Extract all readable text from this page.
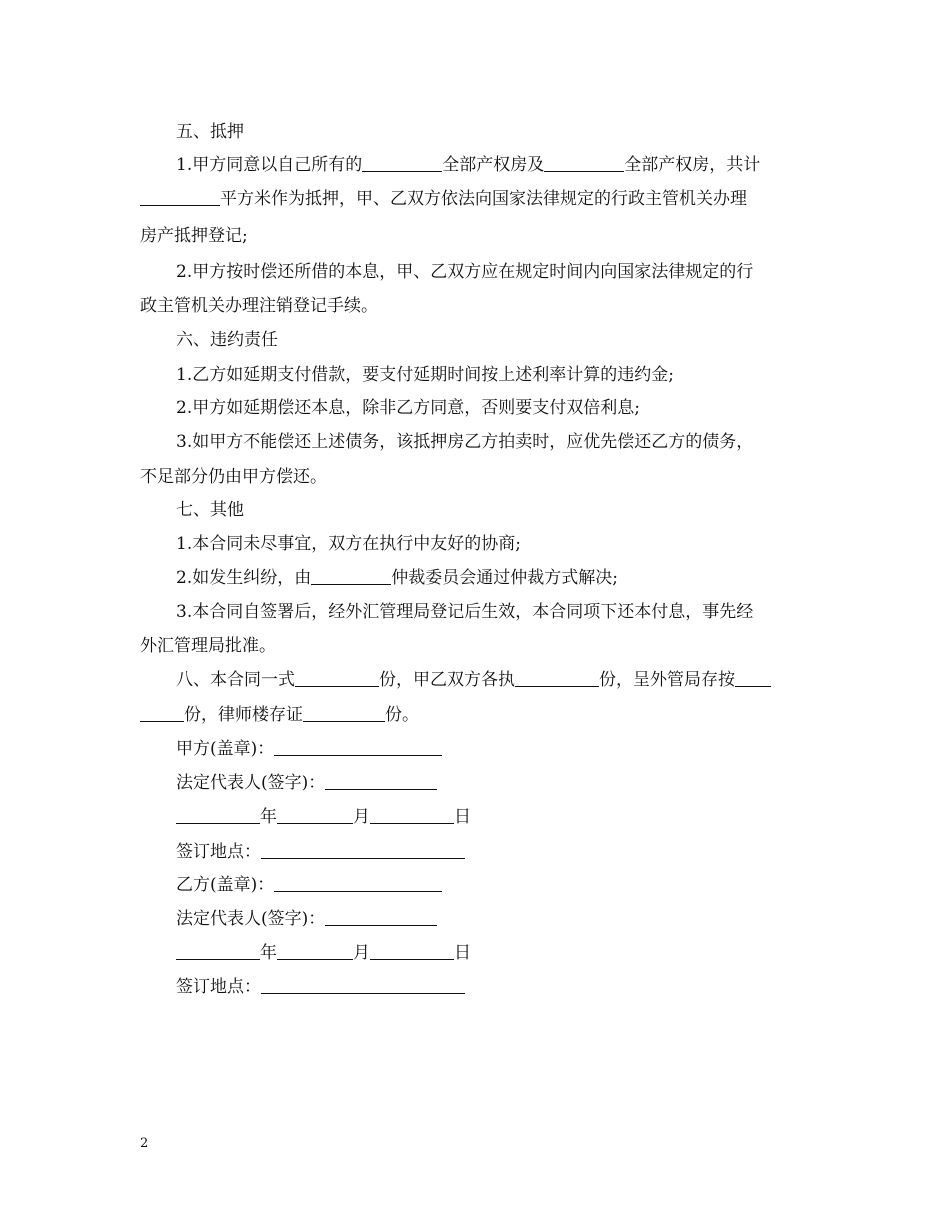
五、抵押
1.甲方同意以自己所有的	全部产权房及	全部产权房，共计
平方米作为抵押，甲、乙双方依法向国家法律规定的行政主管机关办理
房产抵押登记;
2.甲方按时偿还所借的本息，甲、乙双方应在规定时间内向国家法律规定的行
政主管机关办理注销登记手续。
六、违约责任
1.乙方如延期支付借款，要支付延期时间按上述利率计算的违约金;
2.甲方如延期偿还本息，除非乙方同意，否则要支付双倍利息;
3.如甲方不能偿还上述债务，该抵押房乙方拍卖时，应优先偿还乙方的债务，
不足部分仍由甲方偿还。
七、其他
1.本合同未尽事宜，双方在执行中友好的协商;
2.如发生纠纷，由	仲裁委员会通过仲裁方式解决;
3.本合同自签署后，经外汇管理局登记后生效，本合同项下还本付息，事先经
外汇管理局批准。
八、本合同一式	份，甲乙双方各执	份，呈外管局存按
份，律师楼存证	份。
甲方(盖章)：
法定代表人(签字)：
年	月	日
签订地点：
乙方(盖章)：
法定代表人(签字)：
年	月	日
签订地点：
2
